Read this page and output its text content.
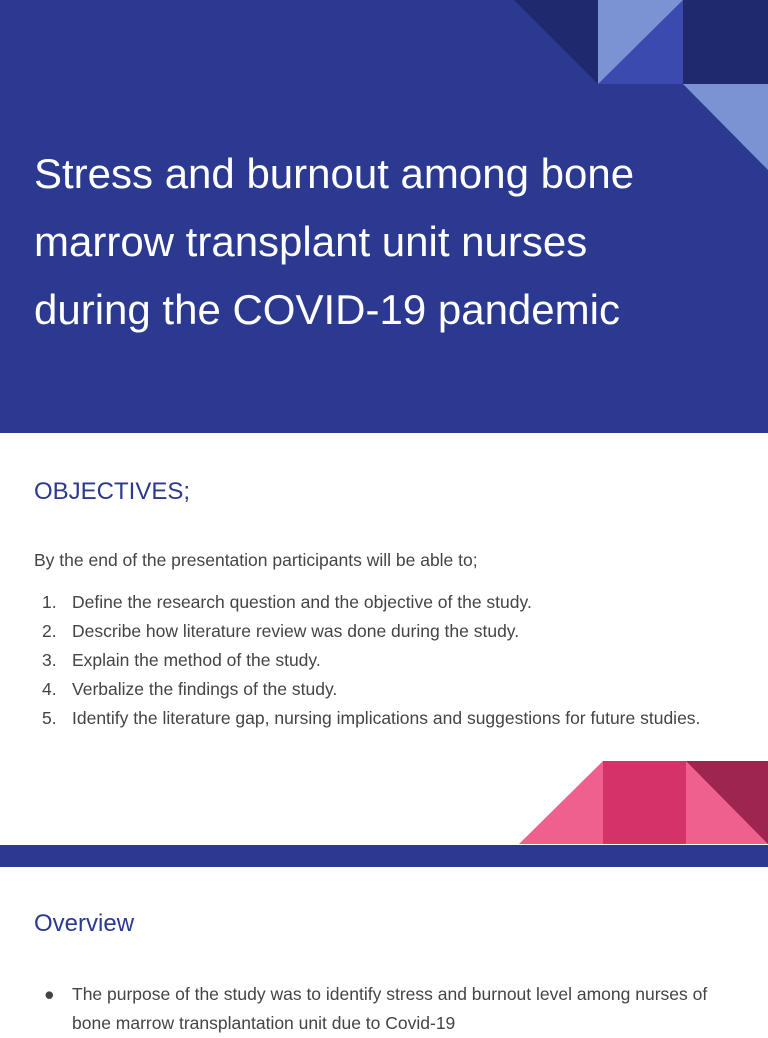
Stress and burnout among bone marrow transplant unit nurses during the COVID-19 pandemic
OBJECTIVES;

By the end of the presentation participants will be able to;

1. Define the research question and the objective of the study.
2. Describe how literature review was done during the study.
3. Explain the method of the study.
4. Verbalize the findings of the study.
5. Identify the literature gap, nursing implications and suggestions for future studies.
Overview
● The purpose of the study was to identify stress and burnout level among nurses of bone marrow transplantation unit due to Covid-19
